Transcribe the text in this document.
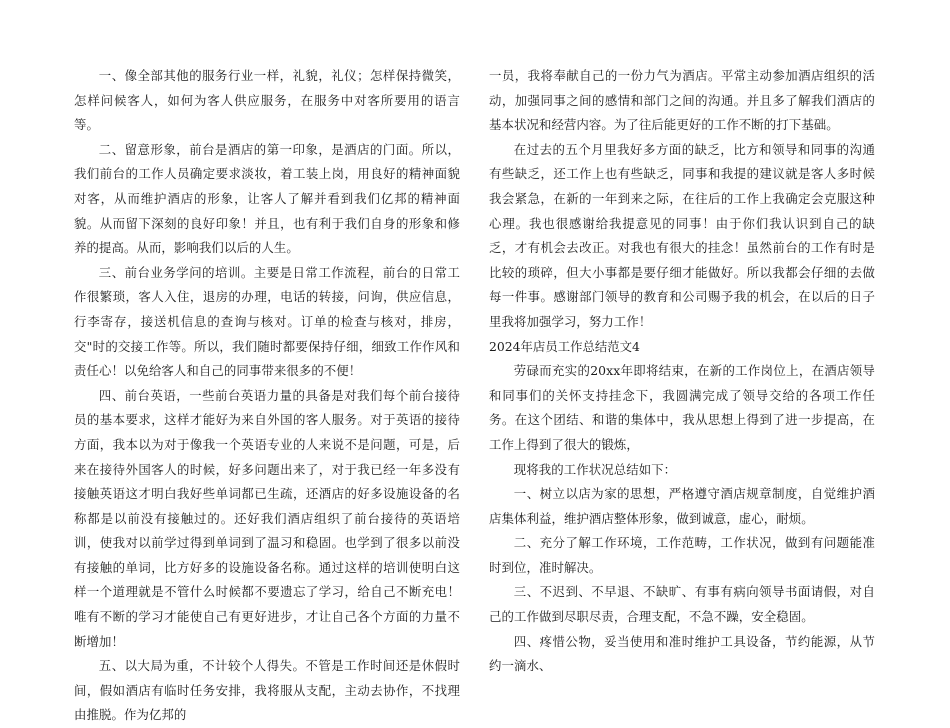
一、像全部其他的服务行业一样，礼貌，礼仪；怎样保持微笑，怎样问候客人，如何为客人供应服务，在服务中对客所要用的语言等。

二、留意形象，前台是酒店的第一印象，是酒店的门面。所以，我们前台的工作人员确定要求淡妆，着工装上岗，用良好的精神面貌对客，从而维护酒店的形象，让客人了解并看到我们亿邦的精神面貌。从而留下深刻的良好印象！并且，也有利于我们自身的形象和修养的提高。从而，影响我们以后的人生。

三、前台业务学问的培训。主要是日常工作流程，前台的日常工作很繁琐，客人入住，退房的办理，电话的转接，问询，供应信息，行李寄存，接送机信息的查询与核对。订单的检查与核对，排房，交"时的交接工作等。所以，我们随时都要保持仔细，细致工作作风和责任心！以免给客人和自己的同事带来很多的不便！

四、前台英语，一些前台英语力量的具备是对我们每个前台接待员的基本要求，这样才能好为来自外国的客人服务。对于英语的接待方面，我本以为对于像我一个英语专业的人来说不是问题，可是，后来在接待外国客人的时候，好多问题出来了，对于我已经一年多没有接触英语这才明白我好些单词都已生疏，还酒店的好多设施设备的名称都是以前没有接触过的。还好我们酒店组织了前台接待的英语培训，使我对以前学过得到单词到了温习和稳固。也学到了很多以前没有接触的单词，比方好多的设施设备名称。通过这样的培训使明白这样一个道理就是不管什么时候都不要遗忘了学习，给自己不断充电！唯有不断的学习才能使自己有更好进步，才让自己各个方面的力量不断增加！

五、以大局为重，不计较个人得失。不管是工作时间还是休假时间，假如酒店有临时任务安排，我将服从支配，主动去协作，不找理由推脱。作为亿邦的

一员，我将奉献自己的一份力气为酒店。平常主动参加酒店组织的活动，加强同事之间的感情和部门之间的沟通。并且多了解我们酒店的基本状况和经营内容。为了往后能更好的工作不断的打下基础。

在过去的五个月里我好多方面的缺乏，比方和领导和同事的沟通有些缺乏，还工作上也有些缺乏，同事和我提的建议就是客人多时候我会紧急，在新的一年到来之际，在往后的工作上我确定会克服这种心理。我也很感谢给我提意见的同事！由于你们我认识到自己的缺乏，才有机会去改正。对我也有很大的挂念！虽然前台的工作有时是比较的琐碎，但大小事都是要仔细才能做好。所以我都会仔细的去做每一件事。感谢部门领导的教育和公司赐予我的机会，在以后的日子里我将加强学习，努力工作！

2024年店员工作总结范文4

劳碌而充实的20xx年即将结束，在新的工作岗位上，在酒店领导和同事们的关怀支持挂念下，我圆满完成了领导交给的各项工作任务。在这个团结、和谐的集体中，我从思想上得到了进一步提高，在工作上得到了很大的锻炼，

现将我的工作状况总结如下：

一、树立以店为家的思想，严格遵守酒店规章制度，自觉维护酒店集体利益，维护酒店整体形象，做到诚意，虚心，耐烦。

二、充分了解工作环境，工作范畴，工作状况，做到有问题能准时到位，准时解决。

三、不迟到、不早退、不缺旷、有事有病向领导书面请假，对自己的工作做到尽职尽责，合理支配，不急不躁，安全稳固。

四、疼惜公物，妥当使用和准时维护工具设备，节约能源，从节约一滴水、
